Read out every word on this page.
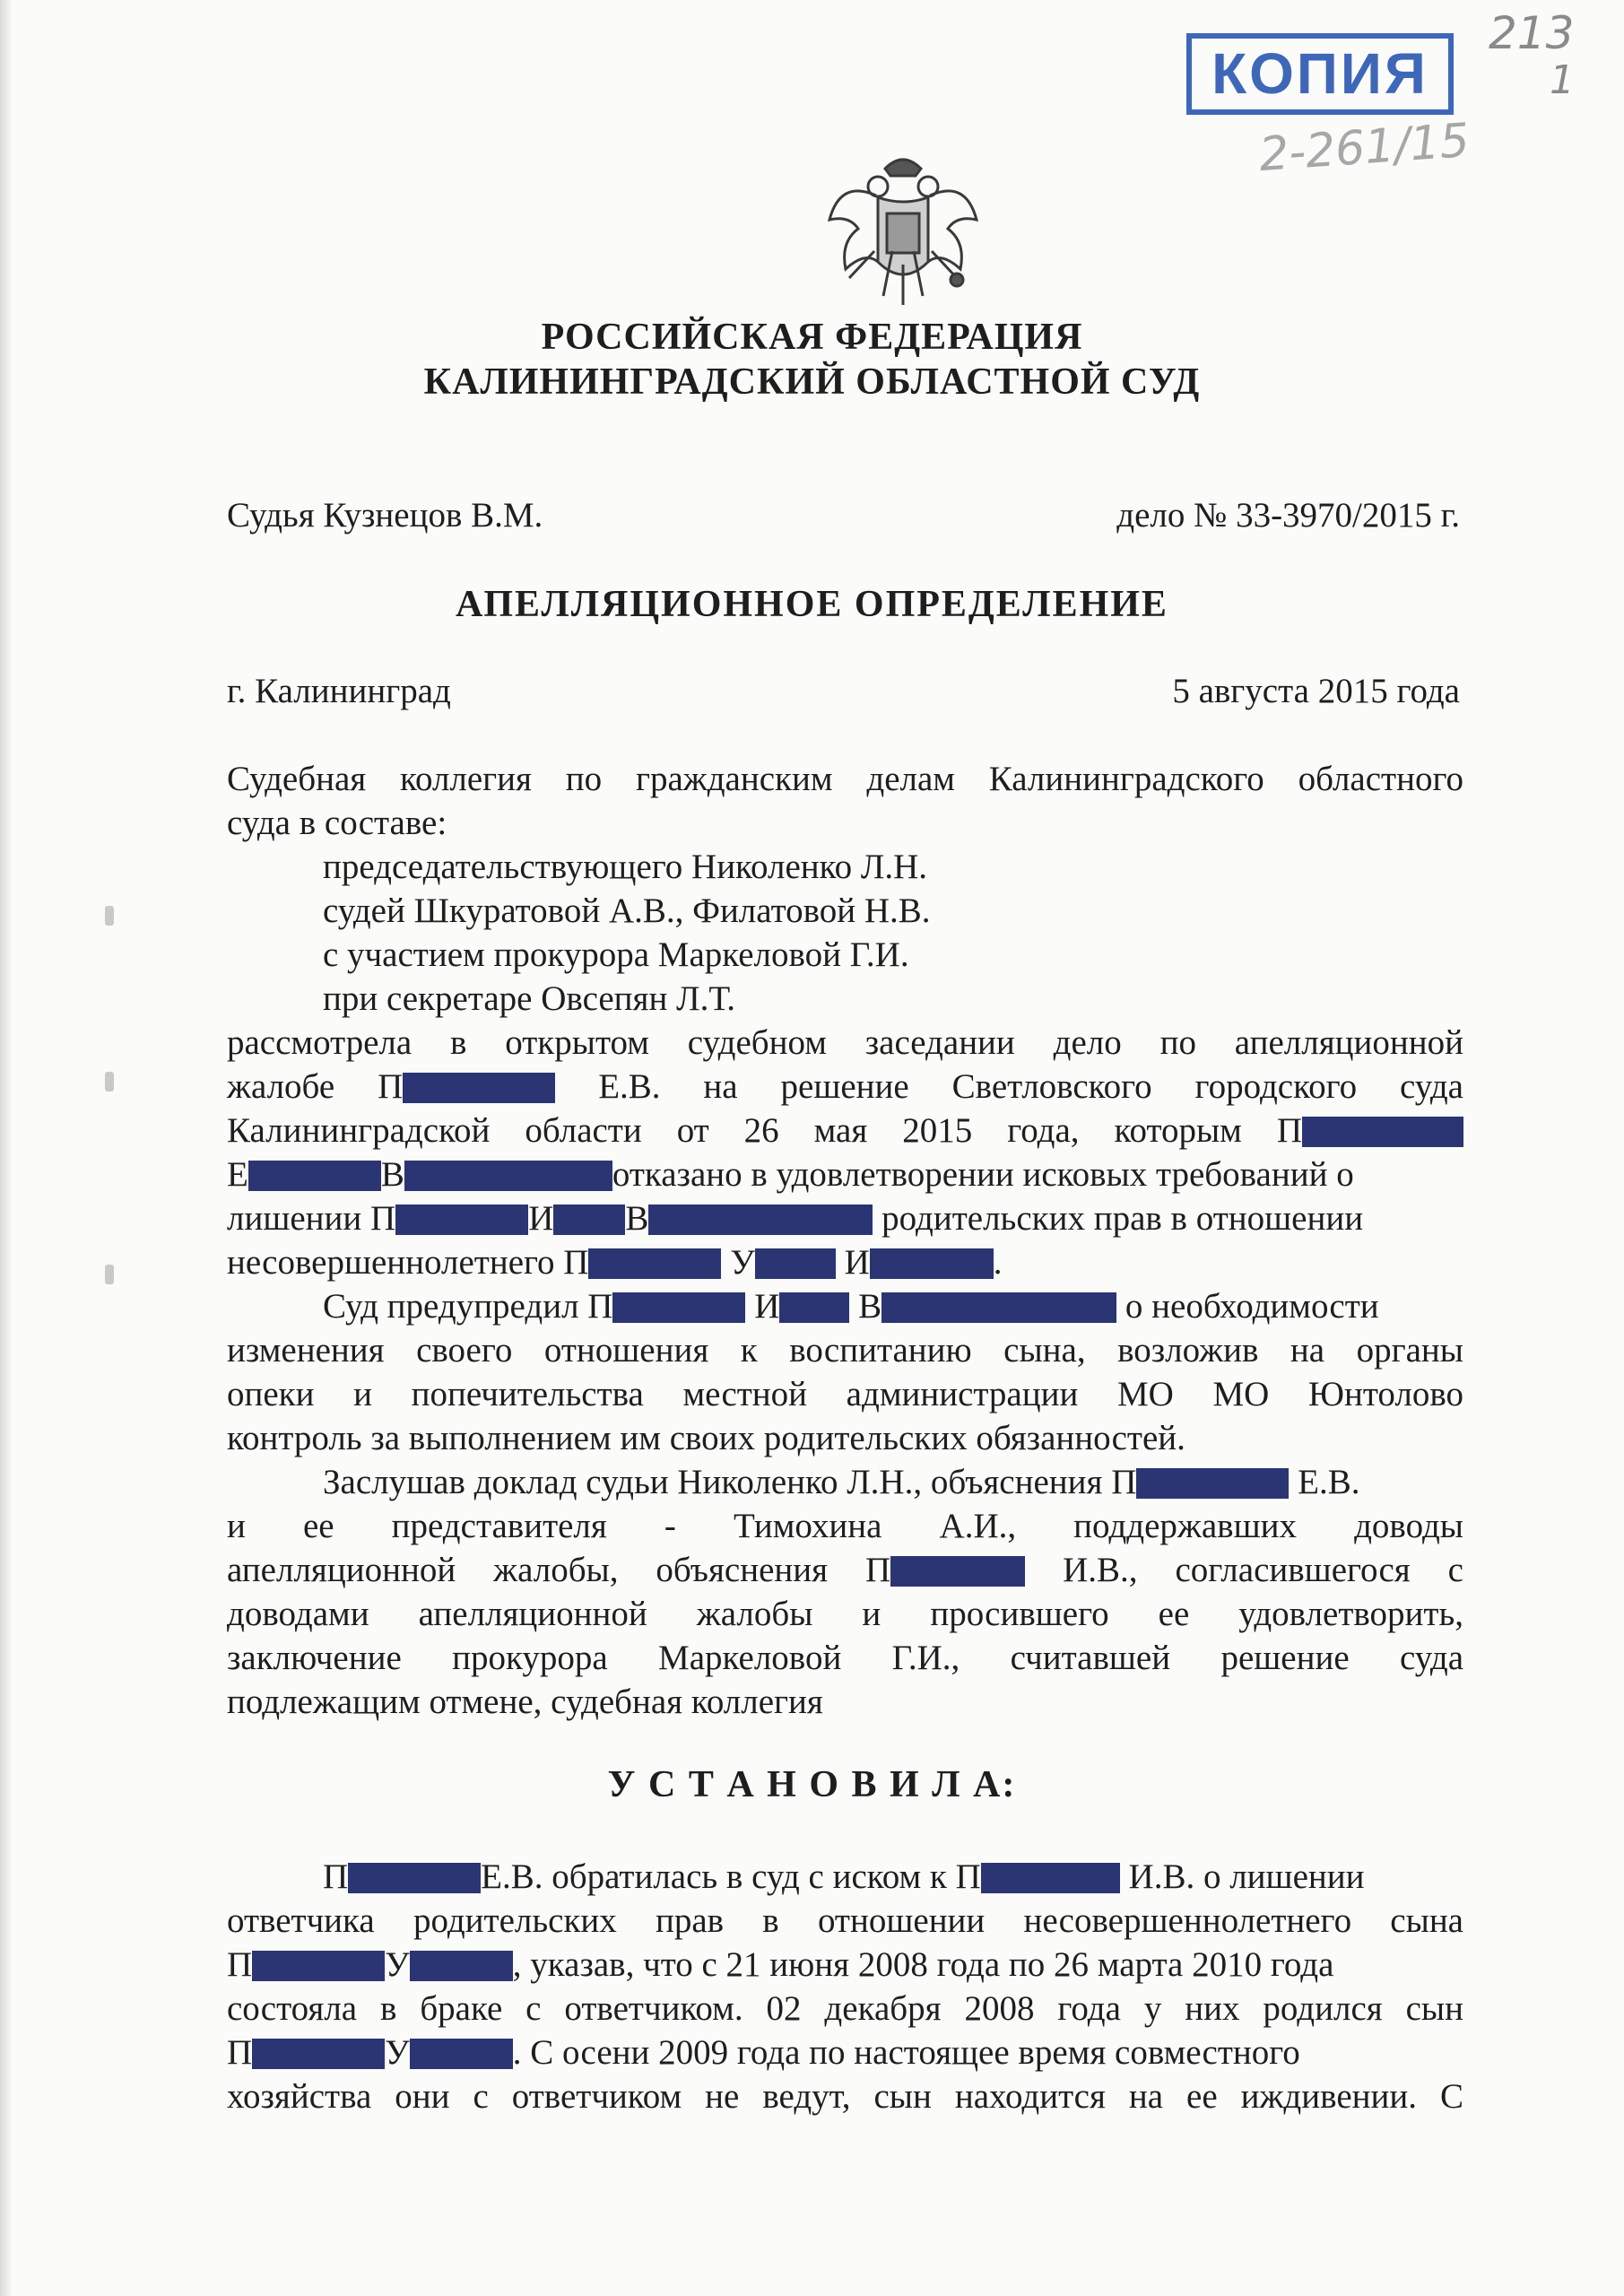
КОПИЯ
213
1
2-261/15
РОССИЙСКАЯ ФЕДЕРАЦИЯ
КАЛИНИНГРАДСКИЙ ОБЛАСТНОЙ СУД
Судья Кузнецов В.М.	дело № 33-3970/2015 г.
АПЕЛЛЯЦИОННОЕ ОПРЕДЕЛЕНИЕ
г. Калининград	5 августа 2015 года
Судебная коллегия по гражданским делам Калининградского областного
суда в составе:
председательствующего Николенко Л.Н.
судей Шкуратовой А.В., Филатовой Н.В.
с участием прокурора Маркеловой Г.И.
при секретаре Овсепян Л.Т.
рассмотрела в открытом судебном заседании дело по апелляционной
жалобе П	Е.В. на решение Светловского городского суда
Калининградской области от 26 мая 2015 года, которым П
Е	В	отказано в удовлетворении исковых требований о
лишении П	И В	родительских прав в отношении
несовершеннолетнего П	У	И	.
Суд предупредил П	И В	о необходимости
изменения своего отношения к воспитанию сына, возложив на органы
опеки и попечительства местной администрации МО МО Юнтолово
контроль за выполнением им своих родительских обязанностей.
Заслушав доклад судьи Николенко Л.Н., объяснения П	Е.В.
и ее представителя - Тимохина А.И., поддержавших доводы
апелляционной жалобы, объяснения П	И.В., согласившегося с
доводами апелляционной жалобы и просившего ее удовлетворить,
заключение прокурора Маркеловой Г.И., считавшей решение суда
подлежащим отмене, судебная коллегия
У С Т А Н О В И Л А:
П	Е.В. обратилась в суд с иском к П	И.В. о лишении
ответчика родительских прав в отношении несовершеннолетнего сына
П	У	, указав, что с 21 июня 2008 года по 26 марта 2010 года
состояла в браке с ответчиком. 02 декабря 2008 года у них родился сын
П	У	. С осени 2009 года по настоящее время совместного
хозяйства они с ответчиком не ведут, сын находится на ее иждивении. С
